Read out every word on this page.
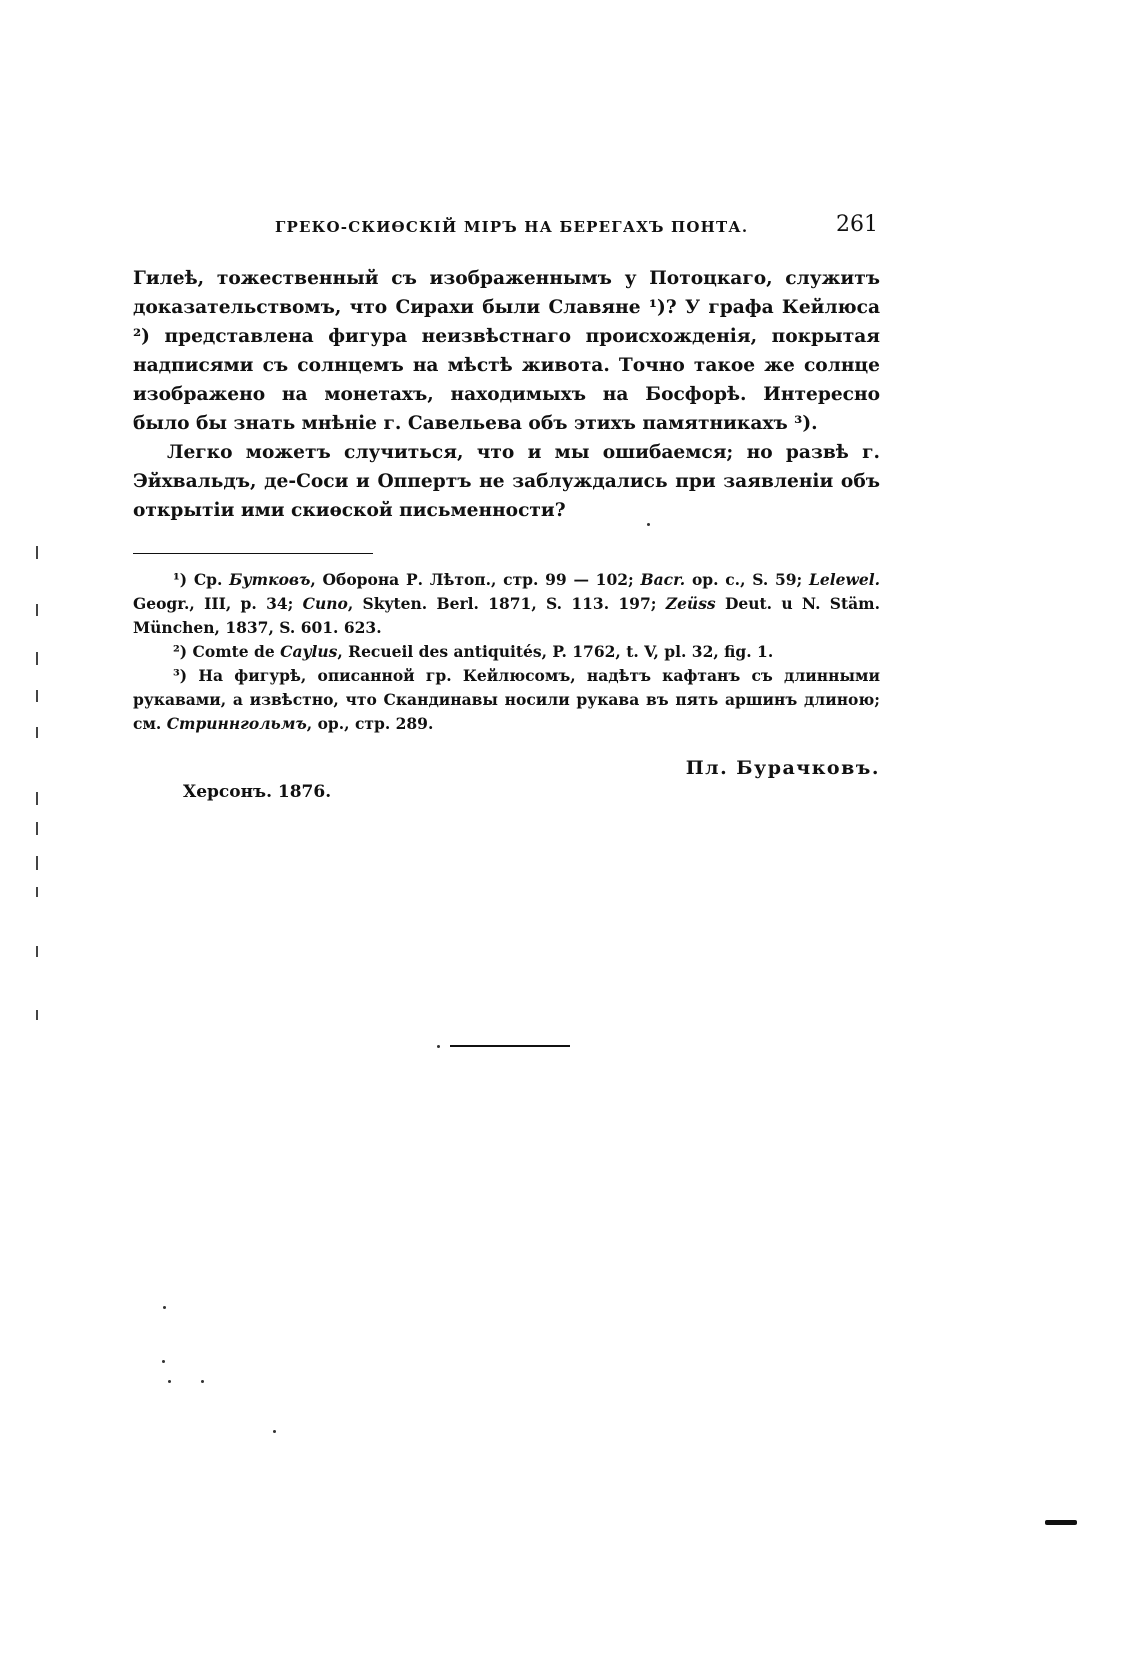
ГРЕКО-СКИѲСКІЙ МІРЪ НА БЕРЕГАХЪ ПОНТА.	261

Гилеѣ, тожественный съ изображеннымъ у Потоцкаго, служитъ доказательствомъ, что Сирахи были Славяне ¹)? У графа Кейлюса ²) представлена фигура неизвѣстнаго происхожденія, покрытая надписями съ солнцемъ на мѣстѣ живота. Точно такое же солнце изображено на монетахъ, находимыхъ на Босфорѣ. Интересно было бы знать мнѣніе г. Савельева объ этихъ памятникахъ ³).

Легко можетъ случиться, что и мы ошибаемся; но развѣ г. Эйхвальдъ, де-Соси и Оппертъ не заблуждались при заявленіи объ открытіи ими скиѳской письменности?

¹) Ср. Бутковъ, Оборона Р. Лѣтоп., стр. 99 — 102; Bacr. op. c., S. 59; Lelewel. Geogr., III, p. 34; Cuno, Skyten. Berl. 1871, S. 113. 197; Zeüss Deut. u N. Stäm. München, 1837, S. 601. 623.

²) Comte de Caylus, Recueil des antiquités, P. 1762, t. V, pl. 32, fig. 1.

³) На фигурѣ, описанной гр. Кейлюсомъ, надѣтъ кафтанъ съ длинными рукавами, а извѣстно, что Скандинавы носили рукава въ пять аршинъ длиною; см. Стриннгольмъ, op., стр. 289.

Пл. Бурачковъ.
Херсонъ. 1876.
